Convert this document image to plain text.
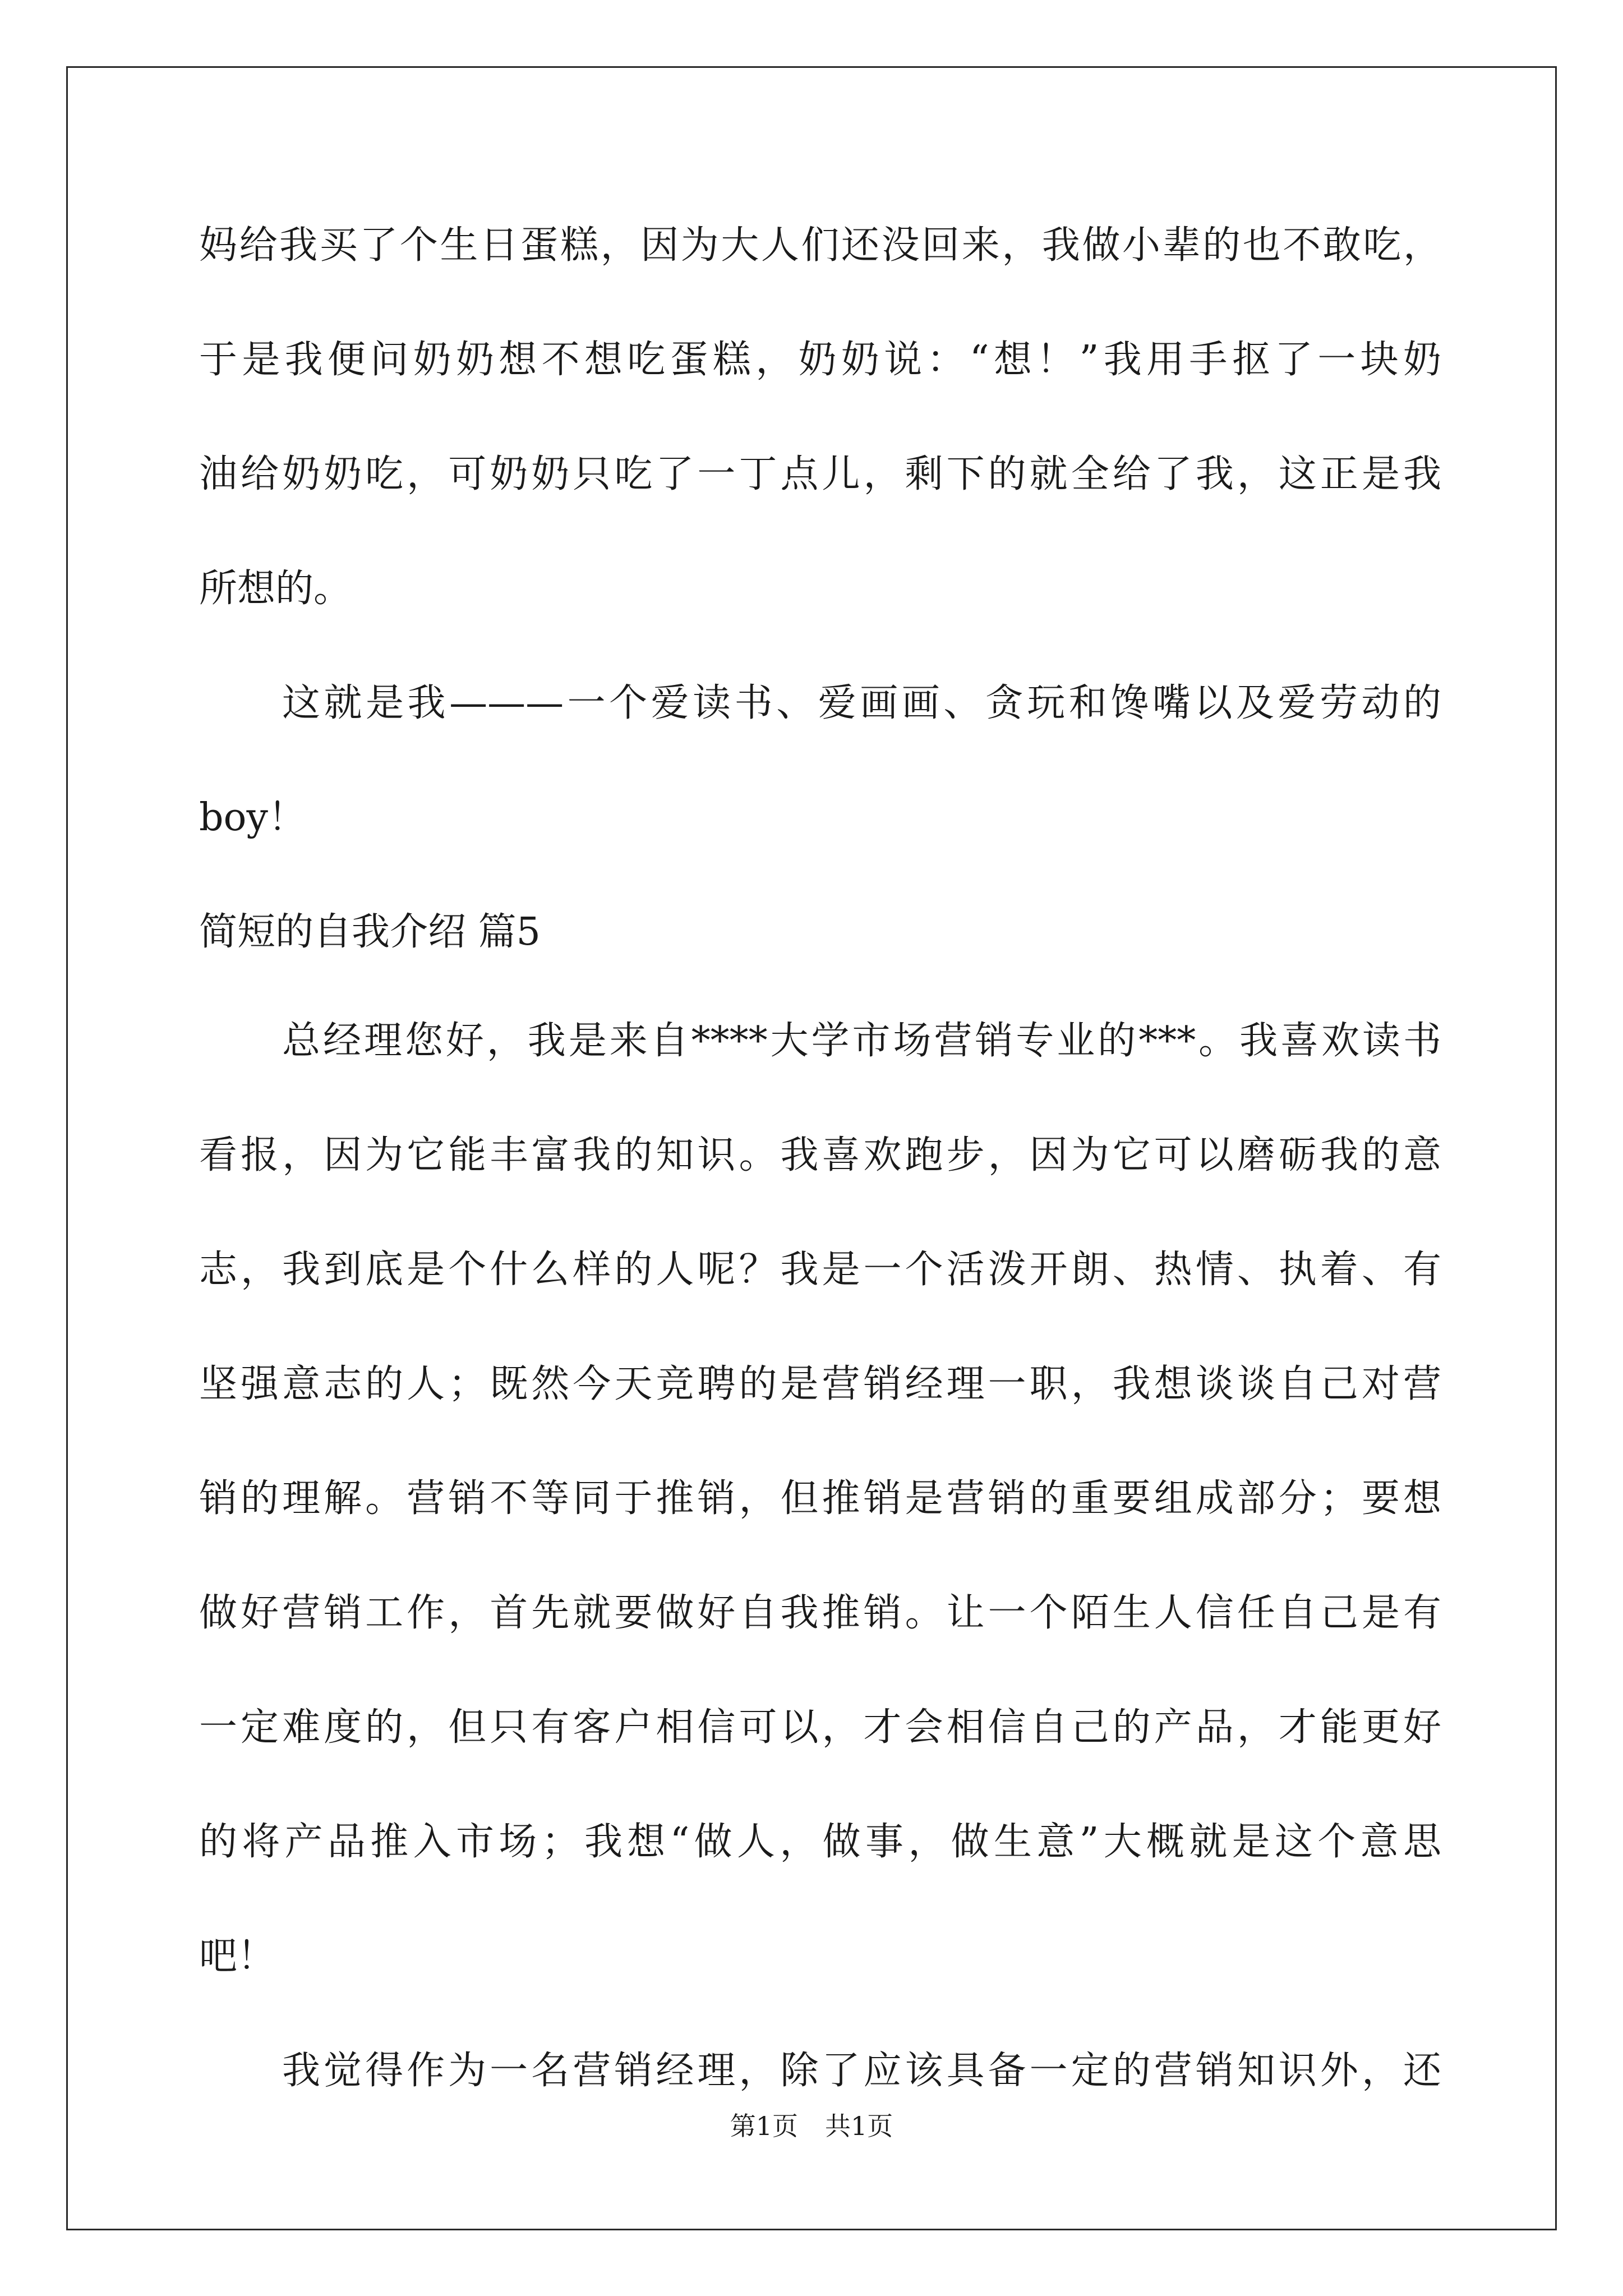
妈给我买了个生日蛋糕，因为大人们还没回来，我做小辈的也不敢吃，
于是我便问奶奶想不想吃蛋糕，奶奶说：“想！”我用手抠了一块奶
油给奶奶吃，可奶奶只吃了一丁点儿，剩下的就全给了我，这正是我
所想的。
这就是我———一个爱读书、爱画画、贪玩和馋嘴以及爱劳动的
boy！
简短的自我介绍 篇5
总经理您好，我是来自****大学市场营销专业的***。我喜欢读书
看报，因为它能丰富我的知识。我喜欢跑步，因为它可以磨砺我的意
志，我到底是个什么样的人呢？我是一个活泼开朗、热情、执着、有
坚强意志的人；既然今天竞聘的是营销经理一职，我想谈谈自己对营
销的理解。营销不等同于推销，但推销是营销的重要组成部分；要想
做好营销工作，首先就要做好自我推销。让一个陌生人信任自己是有
一定难度的，但只有客户相信可以，才会相信自己的产品，才能更好
的将产品推入市场；我想“做人，做事，做生意”大概就是这个意思
吧！
我觉得作为一名营销经理，除了应该具备一定的营销知识外，还
第1页 共1页
